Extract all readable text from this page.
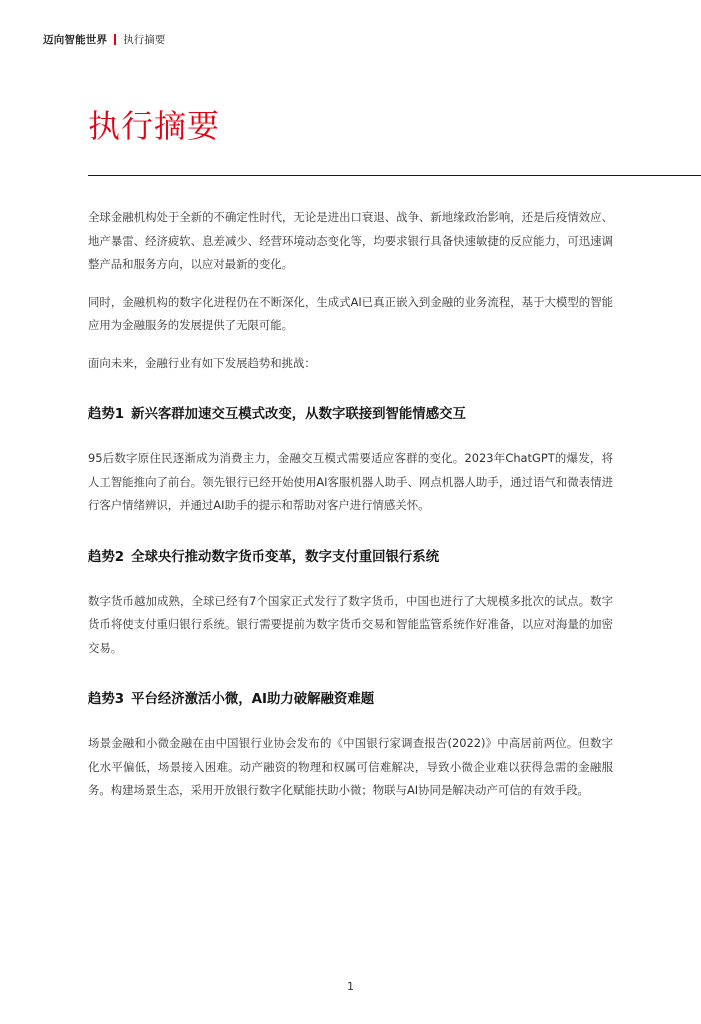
迈向智能世界 执行摘要
执行摘要

全球金融机构处于全新的不确定性时代，无论是进出口衰退、战争、新地缘政治影响，还是后疫情效应、地产暴雷、经济疲软、息差减少、经营环境动态变化等，均要求银行具备快速敏捷的反应能力，可迅速调整产品和服务方向，以应对最新的变化。

同时，金融机构的数字化进程仍在不断深化，生成式AI已真正嵌入到金融的业务流程，基于大模型的智能应用为金融服务的发展提供了无限可能。

面向未来，金融行业有如下发展趋势和挑战：

趋势1 新兴客群加速交互模式改变，从数字联接到智能情感交互

95后数字原住民逐渐成为消费主力，金融交互模式需要适应客群的变化。2023年ChatGPT的爆发，将人工智能推向了前台。领先银行已经开始使用AI客服机器人助手、网点机器人助手，通过语气和微表情进行客户情绪辨识，并通过AI助手的提示和帮助对客户进行情感关怀。

趋势2 全球央行推动数字货币变革，数字支付重回银行系统

数字货币越加成熟，全球已经有7个国家正式发行了数字货币，中国也进行了大规模多批次的试点。数字货币将使支付重归银行系统。银行需要提前为数字货币交易和智能监管系统作好准备，以应对海量的加密交易。

趋势3 平台经济激活小微，AI助力破解融资难题

场景金融和小微金融在由中国银行业协会发布的《中国银行家调查报告(2022)》中高居前两位。但数字化水平偏低，场景接入困难。动产融资的物理和权属可信难解决，导致小微企业难以获得急需的金融服务。构建场景生态，采用开放银行数字化赋能扶助小微；物联与AI协同是解决动产可信的有效手段。

1
